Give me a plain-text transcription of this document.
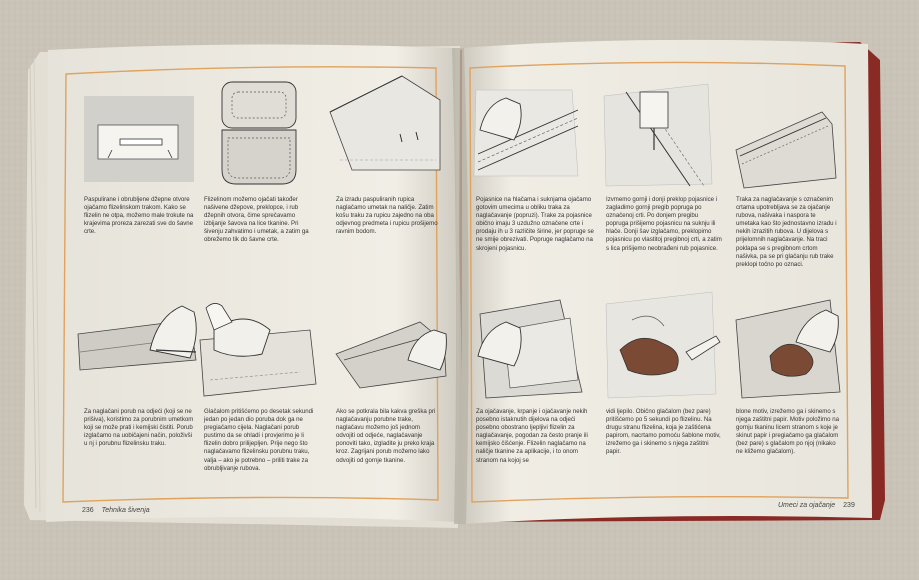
Paspulirane i obrubljene džepne otvore ojačamo flizelinskom trakom. Kako se flizelin ne otpa, možemo male trokute na krajevima proreza zarezati sve do šavne crte.
Flizelinom možemo ojačati također našivene džepove, preklopce, i rub džepnih otvora, čime sprečavamo izbijanje šavova na lice tkanine. Pri šivenju zahvatimo i umetak, a zatim ga obrežemo tik do šavne crte.
Za izradu paspuliranih rupica naglačamo umetak na naličje. Zatim košu traku za rupicu zajedno na oba odjevnog predmeta i rupicu prošijemo ravnim bodom.
Za naglačani porub na odjeći (koji se ne prišiva), koristimo za porubnim umetkom koji se može prati i kemijski čistiti. Porub izglačamo na uobičajeni način, položivši u nj i porubnu flizelinsku traku.
Glačalom pritišćemo po desetak sekundi jedan po jedan dio poruba dok ga ne pregiačamo cijela. Naglačani porub pustimo da se ohladi i provjerimo je li flizelin dobro prilijepljen. Prije nego što naglačavamo flizelinsku porubnu traku, valja – ako je potrebno – priliti trake za obrubljivanje rubova.
Ako se potkrala bila kakva greška pri naglačavanju porubne trake, naglačavu možemo još jednom odvojiti od odjeće, naglačavanje ponoviti tako, izgladite ju preko kraja kroz. Zagrijani porub možemo lako odvojiti od gornje tkanine.
Pojasnice na hlačama i suknjama ojačamo gotovim umecima u obliku traka za naglačavanje (popruzi). Trake za pojasnice obično imaju 3 uzdužno označene crte i prodaju ih u 3 različite širine, jer popruge se ne smije obrezivati. Popruge naglačamo na skrojeni pojasnicu.
Izvmemo gornji i donji preklop pojasnice i zagladimo gornji pregib popruga po označenoj crti. Po donjem pregibu popruga prišijemo pojasnicu na suknju ili hlače. Donji šav izglačamo, preklopimo pojasnicu po vlastitoj pregibnoj crti, a zatim s lica prišijemo neobrađeni rub pojasnice.
Traka za naglačavanje s označenim crtama upotrebljava se za ojačanje rubova, našivaka i naspora te umetaka kao što jednostavno izradu i nekih izrazitih rubova. U dijelova s prijelomnih naglačavanje. Na traci poklapa se s pregibnom crtom našivka, pa se pri glačanju rub trake preklopi točno po oznaci.
Za ojačavanje, krpanje i ojačavanje nekih posebno istaknutih dijelova na odjeći posebno obostrano ljepljivi flizelin za naglačavanje, pogodan za često pranje ili kemijsko čišćenje. Flizelin naglačamo na naličje tkanine za aplikacije, i to onom stranom na kojoj se
vidi ljepilo. Obično glačalom (bez pare) pritišćemo po 5 sekundi po flizelinu. Na drugu stranu flizelina, koja je zaštićena papirom, nacrtamo pomoću šablone motiv, izrežemo ga i skinemo s njega zaštitni papir.
blone motiv, izrežemo ga i skinemo s njega zaštitni papir. Motiv položimo na gornju tkaninu licem stranom s koje je skinut papir i pregiačamo ga glačalom (bez pare) s glačalom po njoj (nikako ne kližemo glačalom).
236 Tehnika šivenja
Umeci za ojačanje 239
